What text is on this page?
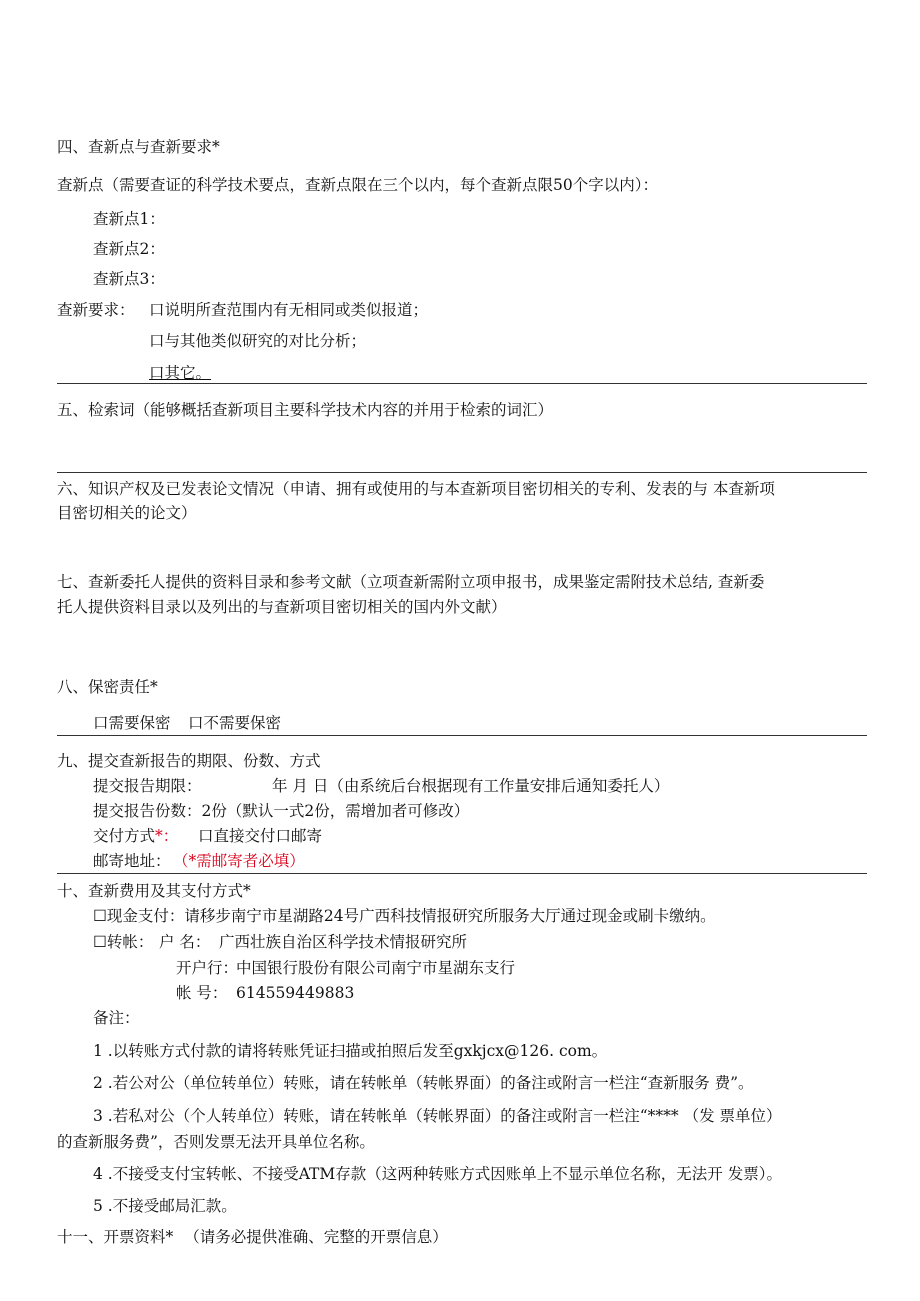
四、查新点与查新要求*
查新点（需要查证的科学技术要点，查新点限在三个以内，每个查新点限50个字以内）：
查新点1：
查新点2：
查新点3：
查新要求： 口说明所查范围内有无相同或类似报道；
口与其他类似研究的对比分析；
口其它。
五、检索词（能够概括查新项目主要科学技术内容的并用于检索的词汇）
六、知识产权及已发表论文情况（申请、拥有或使用的与本查新项目密切相关的专利、发表的与 本查新项
目密切相关的论文）
七、查新委托人提供的资料目录和参考文献（立项查新需附立项申报书，成果鉴定需附技术总结, 查新委
托人提供资料目录以及列出的与查新项目密切相关的国内外文献）
八、保密责任*
口需要保密 口不需要保密
九、提交查新报告的期限、份数、方式
提交报告期限：	年 月 日（由系统后台根据现有工作量安排后通知委托人）
提交报告份数：2份（默认一式2份，需增加者可修改）
交付方式*： 口直接交付口邮寄
邮寄地址： （*需邮寄者必填）
十、查新费用及其支付方式*
☐现金支付：请移步南宁市星湖路24号广西科技情报研究所服务大厅通过现金或刷卡缴纳。
☐转帐： 户 名： 广西壮族自治区科学技术情报研究所
开户行：
中国银行股份有限公司南宁市星湖东支行
帐 号： 614559449883
备注：
1 .以转账方式付款的请将转账凭证扫描或拍照后发至gxkjcx@126. com。
2 .若公对公（单位转单位）转账，请在转帐单（转帐界面）的备注或附言一栏注“查新服务 费”。
3 .若私对公（个人转单位）转账，请在转帐单（转帐界面）的备注或附言一栏注“**** （发 票单位）
的查新服务费”，否则发票无法开具单位名称。
4 .不接受支付宝转帐、不接受ATM存款（这两种转账方式因账单上不显示单位名称，无法开 发票）。
5 .不接受邮局汇款。
十一、开票资料* （请务必提供准确、完整的开票信息）
